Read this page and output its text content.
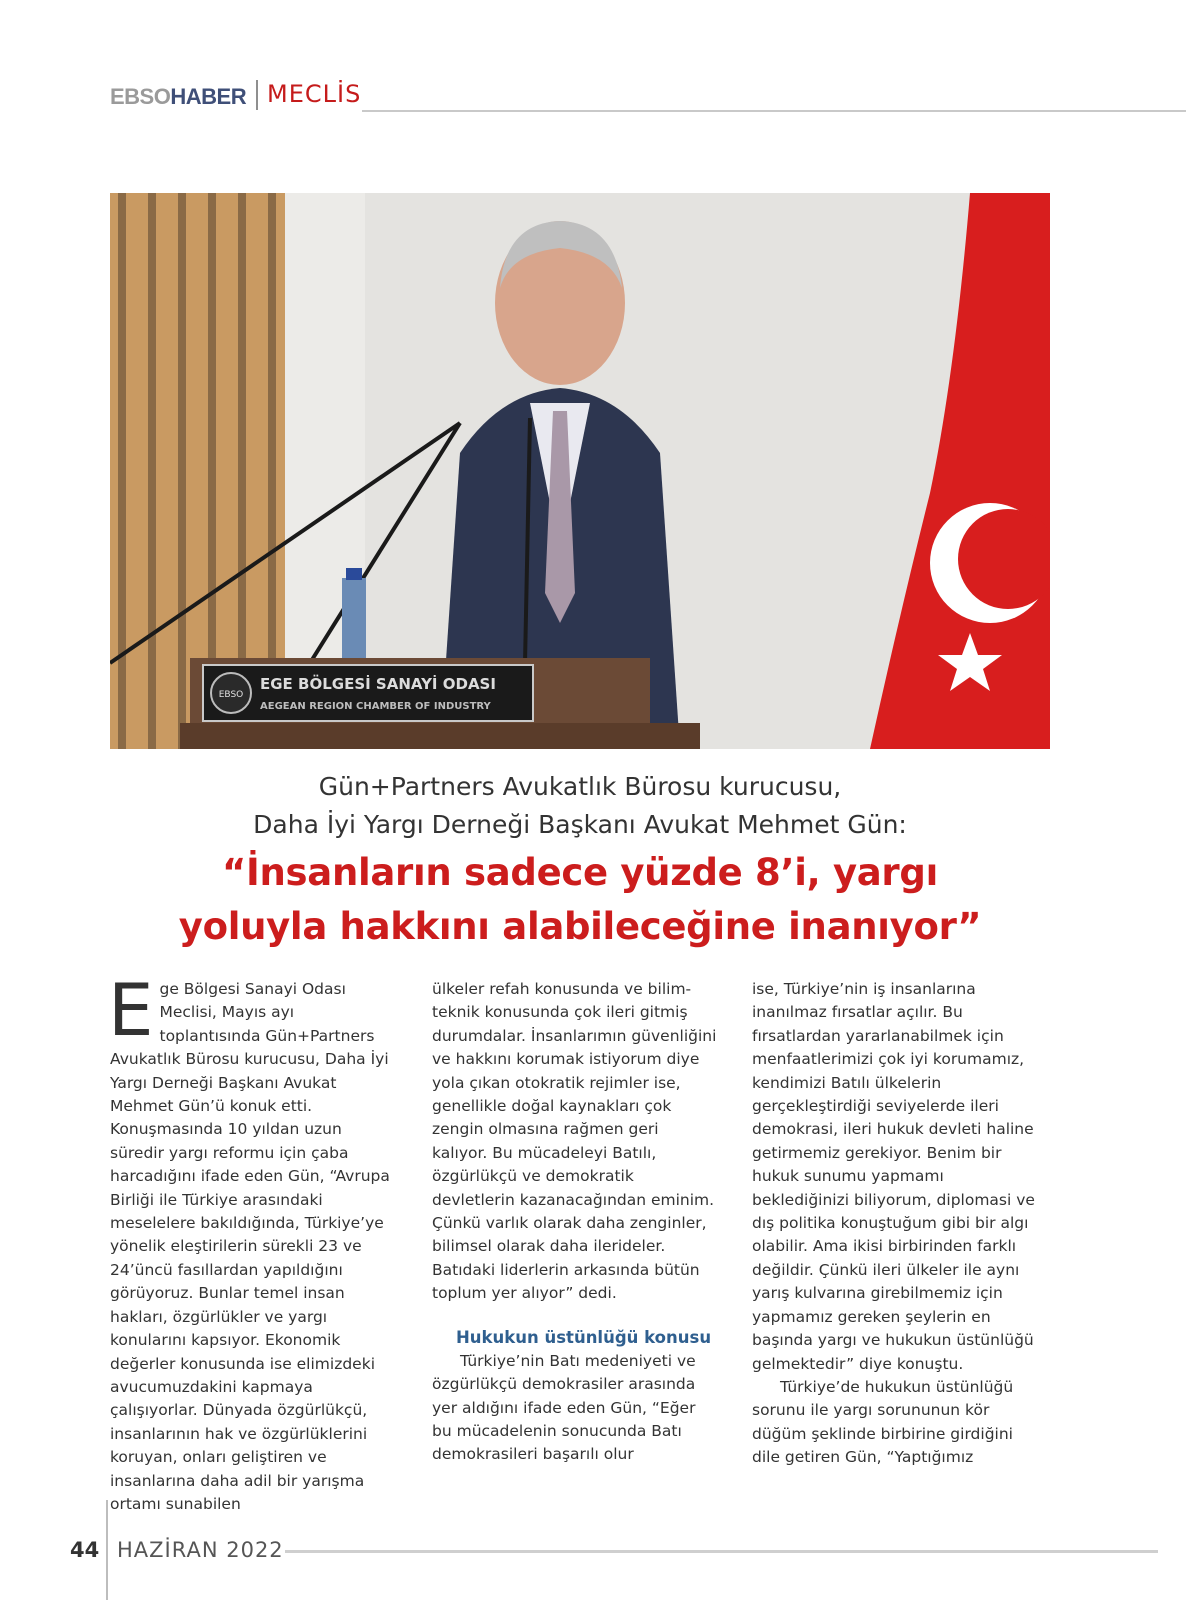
EBSOHABER MECLİS
EBSO
EGE BÖLGESİ SANAYİ ODASI
AEGEAN REGION CHAMBER OF INDUSTRY
Gün+Partners Avukatlık Bürosu kurucusu,
Daha İyi Yargı Derneği Başkanı Avukat Mehmet Gün:
“İnsanların sadece yüzde 8’i, yargı
yoluyla hakkını alabileceğine inanıyor”

Ege Bölgesi Sanayi Odası Meclisi, Mayıs ayı toplantısında Gün+Partners Avukatlık Bürosu kurucusu, Daha İyi Yargı Derneği Başkanı Avukat Mehmet Gün’ü konuk etti. Konuşmasında 10 yıldan uzun süredir yargı reformu için çaba harcadığını ifade eden Gün, “Avrupa Birliği ile Türkiye arasındaki meselelere bakıldığında, Türkiye’ye yönelik eleştirilerin sürekli 23 ve 24’üncü fasıllardan yapıldığını görüyoruz. Bunlar temel insan hakları, özgürlükler ve yargı konularını kapsıyor. Ekonomik değerler konusunda ise elimizdeki avucumuzdakini kapmaya çalışıyorlar. Dünyada özgürlükçü, insanlarının hak ve özgürlüklerini koruyan, onları geliştiren ve insanlarına daha adil bir yarışma ortamı sunabilen

ülkeler refah konusunda ve bilim-teknik konusunda çok ileri gitmiş durumdalar. İnsanlarımın güvenliğini ve hakkını korumak istiyorum diye yola çıkan otokratik rejimler ise, genellikle doğal kaynakları çok zengin olmasına rağmen geri kalıyor. Bu mücadeleyi Batılı, özgürlükçü ve demokratik devletlerin kazanacağından eminim. Çünkü varlık olarak daha zenginler, bilimsel olarak daha ilerideler. Batıdaki liderlerin arkasında bütün toplum yer alıyor” dedi.

Hukukun üstünlüğü konusu

Türkiye’nin Batı medeniyeti ve özgürlükçü demokrasiler arasında yer aldığını ifade eden Gün, “Eğer bu mücadelenin sonucunda Batı demokrasileri başarılı olur

ise, Türkiye’nin iş insanlarına inanılmaz fırsatlar açılır. Bu fırsatlardan yararlanabilmek için menfaatlerimizi çok iyi korumamız, kendimizi Batılı ülkelerin gerçekleştirdiği seviyelerde ileri demokrasi, ileri hukuk devleti haline getirmemiz gerekiyor. Benim bir hukuk sunumu yapmamı beklediğinizi biliyorum, diplomasi ve dış politika konuştuğum gibi bir algı olabilir. Ama ikisi birbirinden farklı değildir. Çünkü ileri ülkeler ile aynı yarış kulvarına girebilmemiz için yapmamız gereken şeylerin en başında yargı ve hukukun üstünlüğü gelmektedir” diye konuştu.

Türkiye’de hukukun üstünlüğü sorunu ile yargı sorununun kör düğüm şeklinde birbirine girdiğini dile getiren Gün, “Yaptığımız

44 HAZİRAN 2022
